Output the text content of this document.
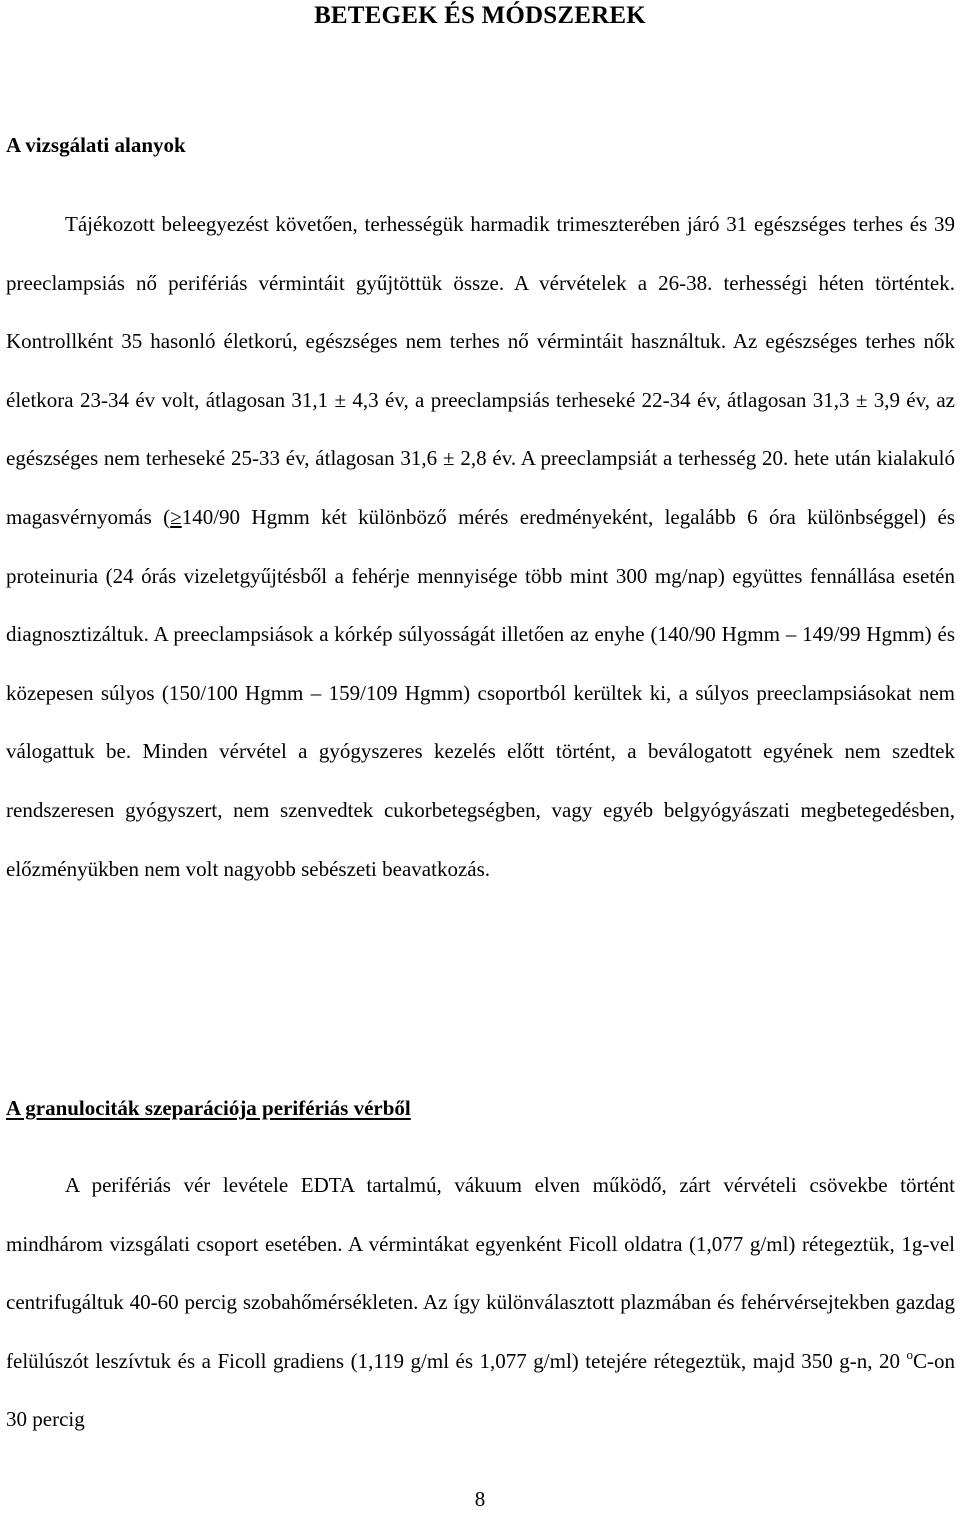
BETEGEK ÉS MÓDSZEREK
A vizsgálati alanyok

Tájékozott beleegyezést követően, terhességük harmadik trimeszterében járó 31 egészséges terhes és 39 preeclampsiás nő perifériás vérmintáit gyűjtöttük össze. A vérvételek a 26-38. terhességi héten történtek. Kontrollként 35 hasonló életkorú, egészséges nem terhes nő vérmintáit használtuk. Az egészséges terhes nők életkora 23-34 év volt, átlagosan 31,1 ± 4,3 év, a preeclampsiás terheseké 22-34 év, átlagosan 31,3 ± 3,9 év, az egészséges nem terheseké 25-33 év, átlagosan 31,6 ± 2,8 év. A preeclampsiát a terhesség 20. hete után kialakuló magasvérnyomás (≥140/90 Hgmm két különböző mérés eredményeként, legalább 6 óra különbséggel) és proteinuria (24 órás vizeletgyűjtésből a fehérje mennyisége több mint 300 mg/nap) együttes fennállása esetén diagnosztizáltuk. A preeclampsiások a kórkép súlyosságát illetően az enyhe (140/90 Hgmm – 149/99 Hgmm) és közepesen súlyos (150/100 Hgmm – 159/109 Hgmm) csoportból kerültek ki, a súlyos preeclampsiásokat nem válogattuk be. Minden vérvétel a gyógyszeres kezelés előtt történt, a beválogatott egyének nem szedtek rendszeresen gyógyszert, nem szenvedtek cukorbetegségben, vagy egyéb belgyógyászati megbetegedésben, előzményükben nem volt nagyobb sebészeti beavatkozás.

A granulociták szeparációja perifériás vérből

A perifériás vér levétele EDTA tartalmú, vákuum elven működő, zárt vérvételi csövekbe történt mindhárom vizsgálati csoport esetében. A vérmintákat egyenként Ficoll oldatra (1,077 g/ml) rétegeztük, 1g-vel centrifugáltuk 40-60 percig szobahőmérsékleten. Az így különválasztott plazmában és fehérvérsejtekben gazdag felülúszót leszívtuk és a Ficoll gradiens (1,119 g/ml és 1,077 g/ml) tetejére rétegeztük, majd 350 g-n, 20 $^o$C-on 30 percig

8
